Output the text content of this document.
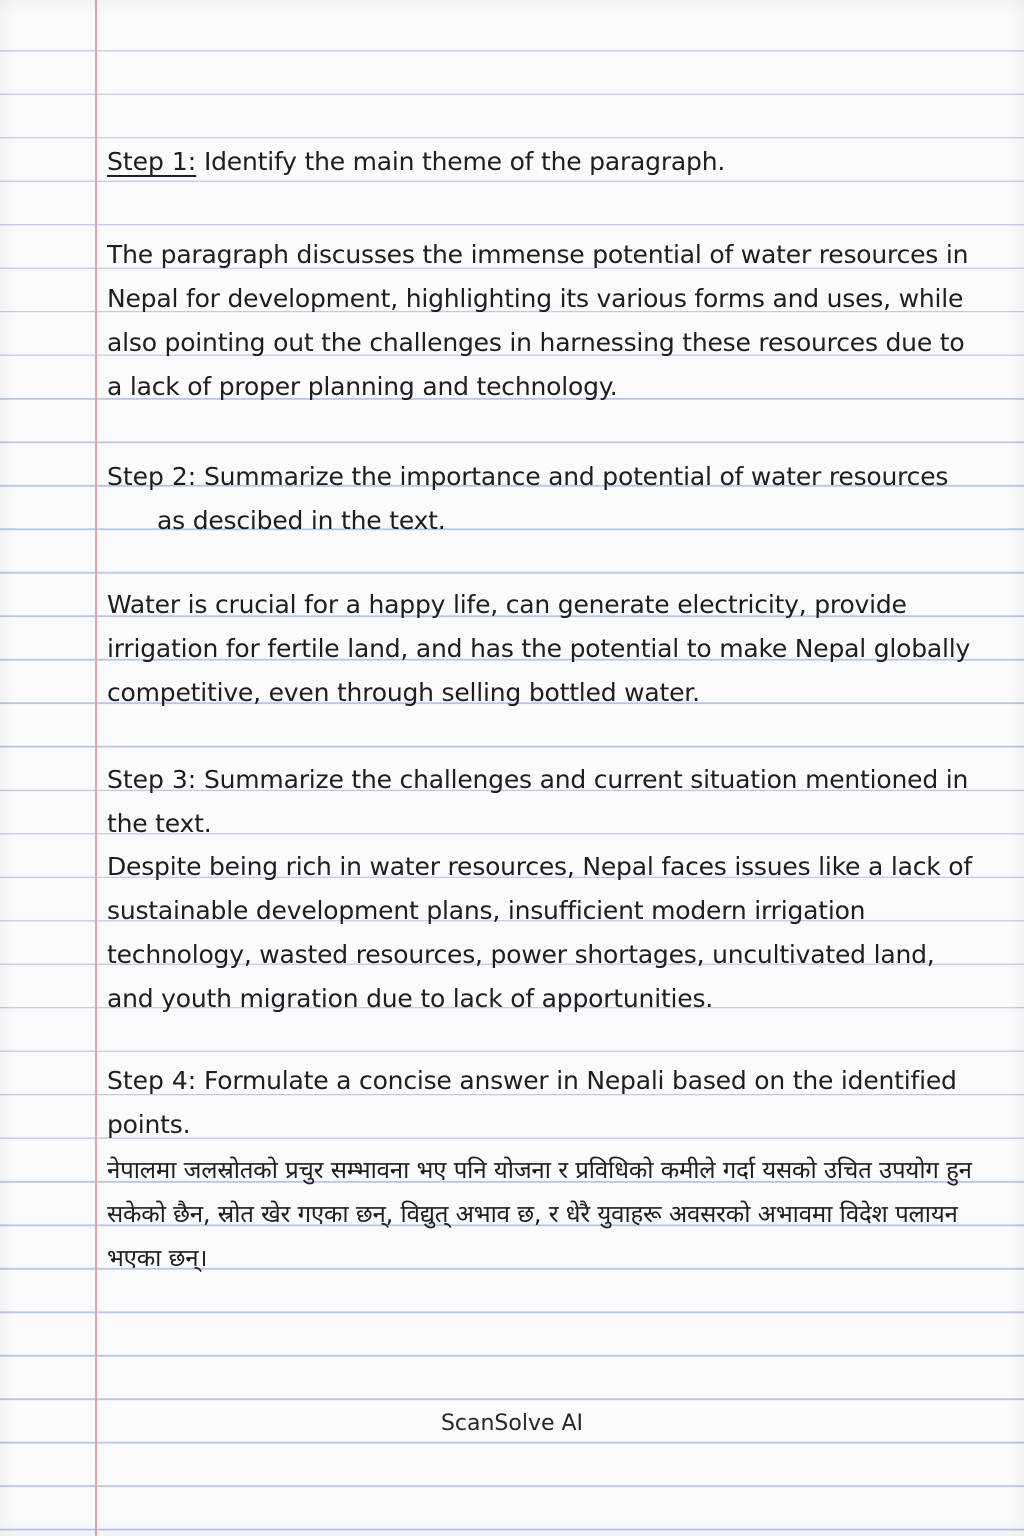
Step 1: Identify the main theme of the paragraph.

The paragraph discusses the immense potential of water resources in Nepal for development, highlighting its various forms and uses, while also pointing out the challenges in harnessing these resources due to a lack of proper planning and technology.

Step 2: Summarize the importance and potential of water resources
as descibed in the text.

Water is crucial for a happy life, can generate electricity, provide irrigation for fertile land, and has the potential to make Nepal globally competitive, even through selling bottled water.

Step 3: Summarize the challenges and current situation mentioned in the text.

Despite being rich in water resources, Nepal faces issues like a lack of sustainable development plans, insufficient modern irrigation technology, wasted resources, power shortages, uncultivated land, and youth migration due to lack of apportunities.

Step 4: Formulate a concise answer in Nepali based on the identified points.

नेपालमा जलस्रोतको प्रचुर सम्भावना भए पनि योजना र प्रविधिको कमीले गर्दा यसको उचित उपयोग हुन सकेको छैन, स्रोत खेर गएका छन्, विद्युत् अभाव छ, र धेरै युवाहरू अवसरको अभावमा विदेश पलायन भएका छन्।

ScanSolve AI
